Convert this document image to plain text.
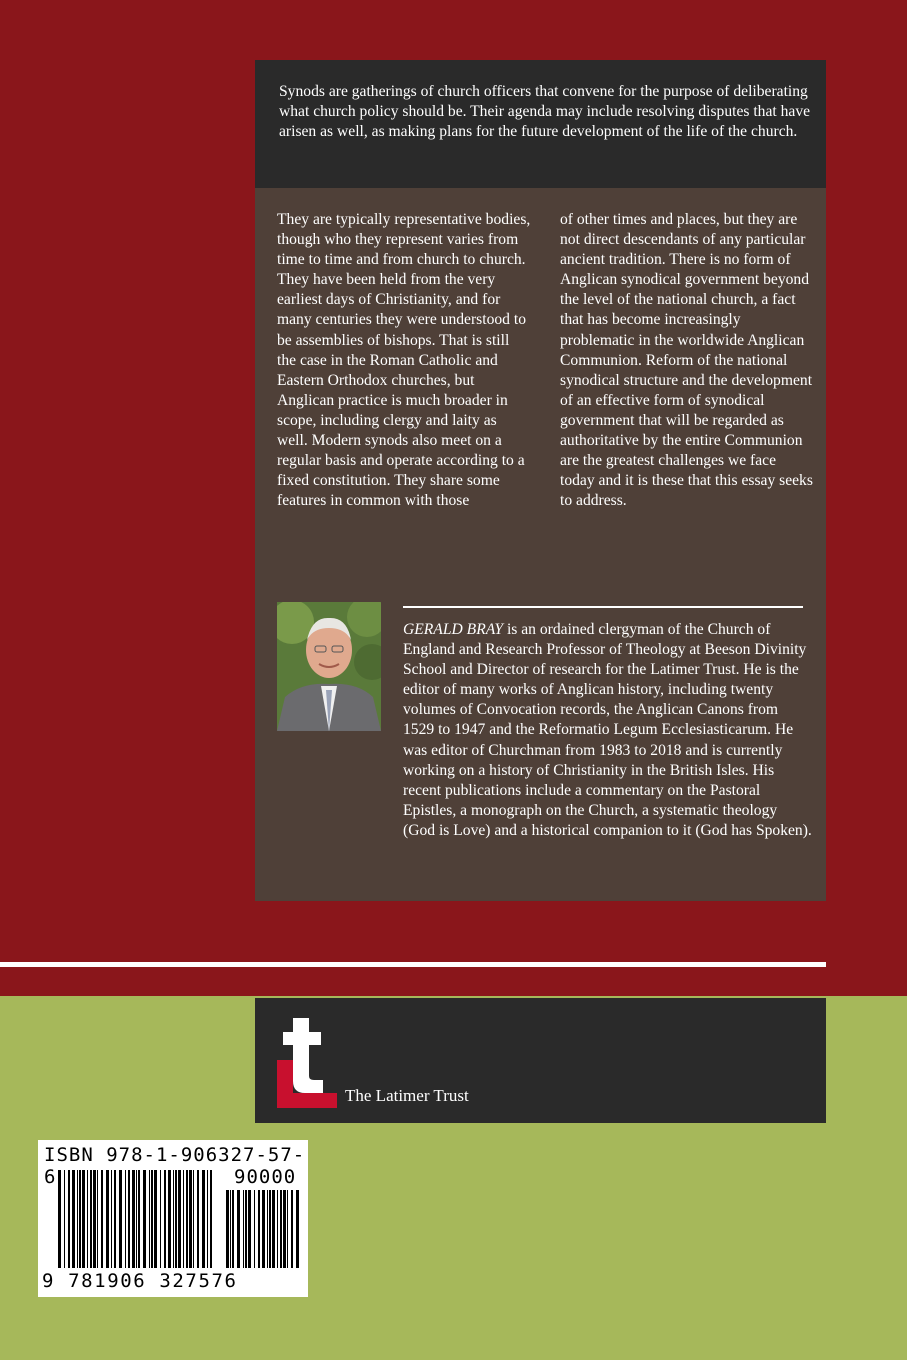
Synods are gatherings of church officers that convene for the purpose of deliberating what church policy should be. Their agenda may include resolving disputes that have arisen as well, as making plans for the future development of the life of the church.

They are typically representative bodies, though who they represent varies from time to time and from church to church. They have been held from the very earliest days of Christianity, and for many centuries they were understood to be assemblies of bishops. That is still the case in the Roman Catholic and Eastern Orthodox churches, but Anglican practice is much broader in scope, including clergy and laity as well. Modern synods also meet on a regular basis and operate according to a fixed constitution. They share some features in common with those
of other times and places, but they are not direct descendants of any particular ancient tradition. There is no form of Anglican synodical government beyond the level of the national church, a fact that has become increasingly problematic in the worldwide Anglican Communion. Reform of the national synodical structure and the development of an effective form of synodical government that will be regarded as authoritative by the entire Communion are the greatest challenges we face today and it is these that this essay seeks to address.
GERALD BRAY is an ordained clergyman of the Church of England and Research Professor of Theology at Beeson Divinity School and Director of research for the Latimer Trust. He is the editor of many works of Anglican history, including twenty volumes of Convocation records, the Anglican Canons from 1529 to 1947 and the Reformatio Legum Ecclesiasticarum. He was editor of Churchman from 1983 to 2018 and is currently working on a history of Christianity in the British Isles. His recent publications include a commentary on the Pastoral Epistles, a monograph on the Church, a systematic theology (God is Love) and a historical companion to it (God has Spoken).
The Latimer Trust
ISBN 978-1-906327-57-6	90000
9 781906 327576
